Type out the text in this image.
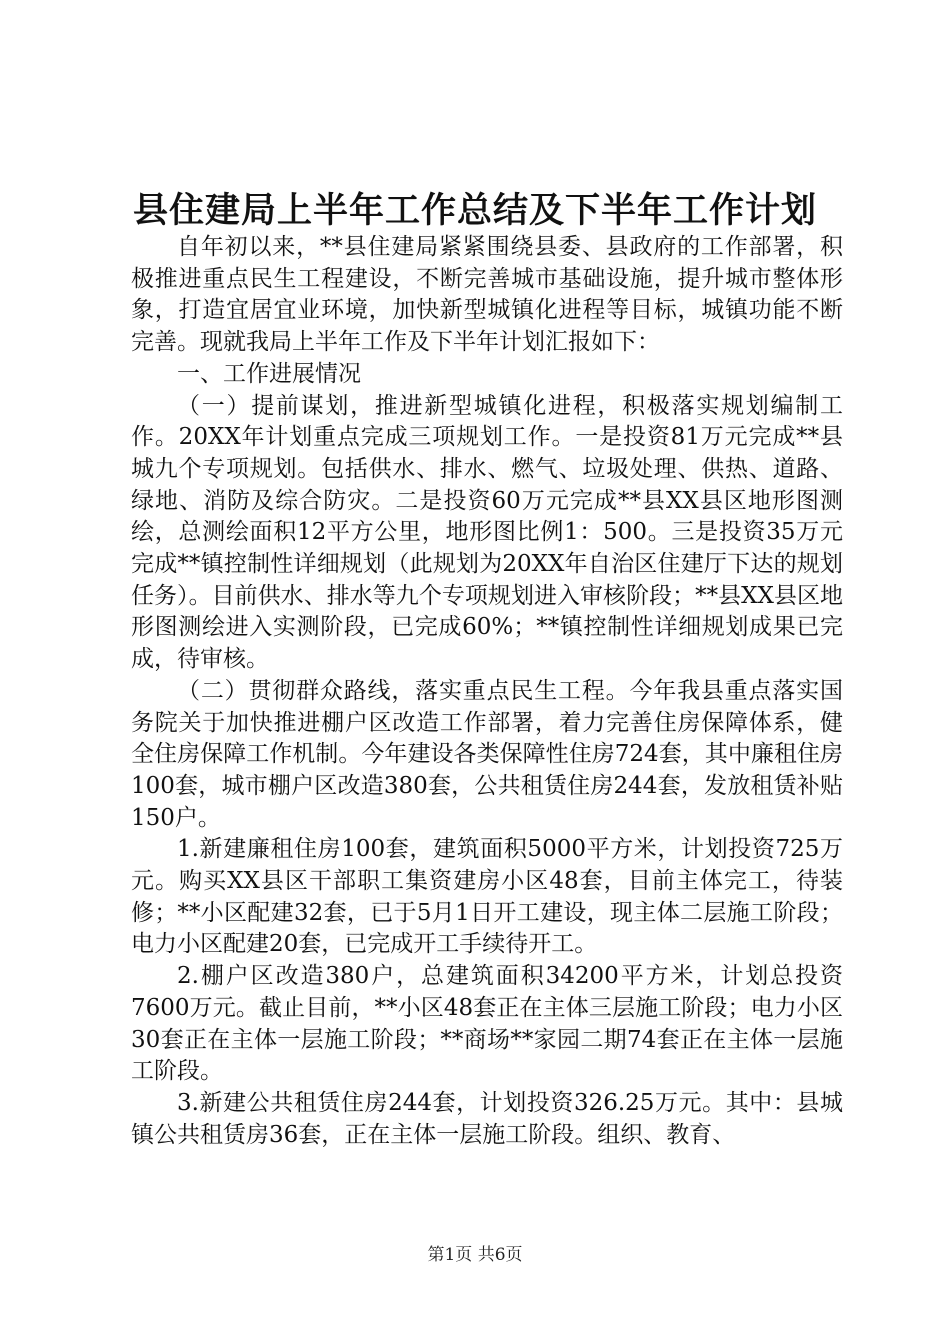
县住建局上半年工作总结及下半年工作计划

自年初以来，**县住建局紧紧围绕县委、县政府的工作部署，积极推进重点民生工程建设，不断完善城市基础设施，提升城市整体形象，打造宜居宜业环境，加快新型城镇化进程等目标，城镇功能不断完善。现就我局上半年工作及下半年计划汇报如下：

一、工作进展情况

（一）提前谋划，推进新型城镇化进程，积极落实规划编制工作。20XX年计划重点完成三项规划工作。一是投资81万元完成**县城九个专项规划。包括供水、排水、燃气、垃圾处理、供热、道路、绿地、消防及综合防灾。二是投资60万元完成**县XX县区地形图测绘，总测绘面积12平方公里，地形图比例1：500。三是投资35万元完成**镇控制性详细规划（此规划为20XX年自治区住建厅下达的规划任务）。目前供水、排水等九个专项规划进入审核阶段；**县XX县区地形图测绘进入实测阶段，已完成60%；**镇控制性详细规划成果已完成，待审核。

（二）贯彻群众路线，落实重点民生工程。今年我县重点落实国务院关于加快推进棚户区改造工作部署，着力完善住房保障体系，健全住房保障工作机制。今年建设各类保障性住房724套，其中廉租住房100套，城市棚户区改造380套，公共租赁住房244套，发放租赁补贴150户。

1.新建廉租住房100套，建筑面积5000平方米，计划投资725万元。购买XX县区干部职工集资建房小区48套，目前主体完工，待装修；**小区配建32套，已于5月1日开工建设，现主体二层施工阶段；电力小区配建20套，已完成开工手续待开工。

2.棚户区改造380户，总建筑面积34200平方米，计划总投资7600万元。截止目前，**小区48套正在主体三层施工阶段；电力小区30套正在主体一层施工阶段；**商场**家园二期74套正在主体一层施工阶段。

3.新建公共租赁住房244套，计划投资326.25万元。其中：县城镇公共租赁房36套，正在主体一层施工阶段。组织、教育、

第1页 共6页
